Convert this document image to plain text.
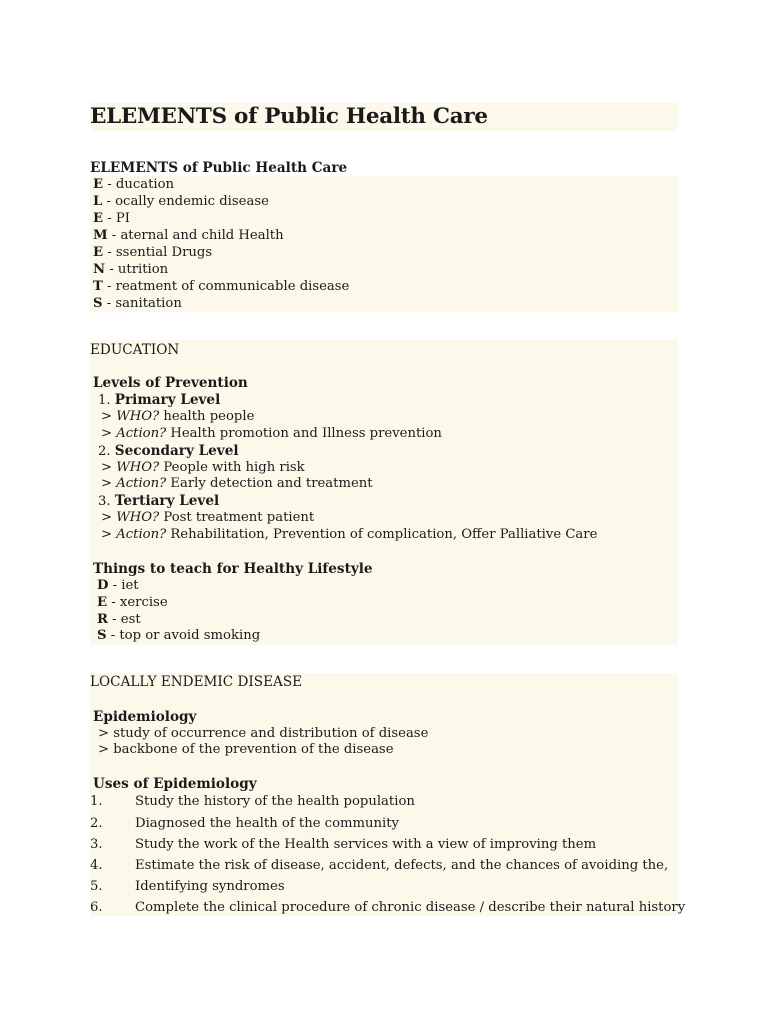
ELEMENTS of Public Health Care
ELEMENTS of Public Health Care
E - ducation
L - ocally endemic disease
E - PI
M - aternal and child Health
E - ssential Drugs
N - utrition
T - reatment of communicable disease
S - sanitation
EDUCATION
Levels of Prevention
1. Primary Level
> WHO? health people
> Action? Health promotion and Illness prevention
2. Secondary Level
> WHO? People with high risk
> Action? Early detection and treatment
3. Tertiary Level
> WHO? Post treatment patient
> Action? Rehabilitation, Prevention of complication, Offer Palliative Care
Things to teach for Healthy Lifestyle
D - iet
E - xercise
R - est
S - top or avoid smoking
LOCALLY ENDEMIC DISEASE
Epidemiology
> study of occurrence and distribution of disease
> backbone of the prevention of the disease
Uses of Epidemiology
1. Study the history of the health population
2. Diagnosed the health of the community
3. Study the work of the Health services with a view of improving them
4. Estimate the risk of disease, accident, defects, and the chances of avoiding the,
5. Identifying syndromes
6. Complete the clinical procedure of chronic disease / describe their natural history
